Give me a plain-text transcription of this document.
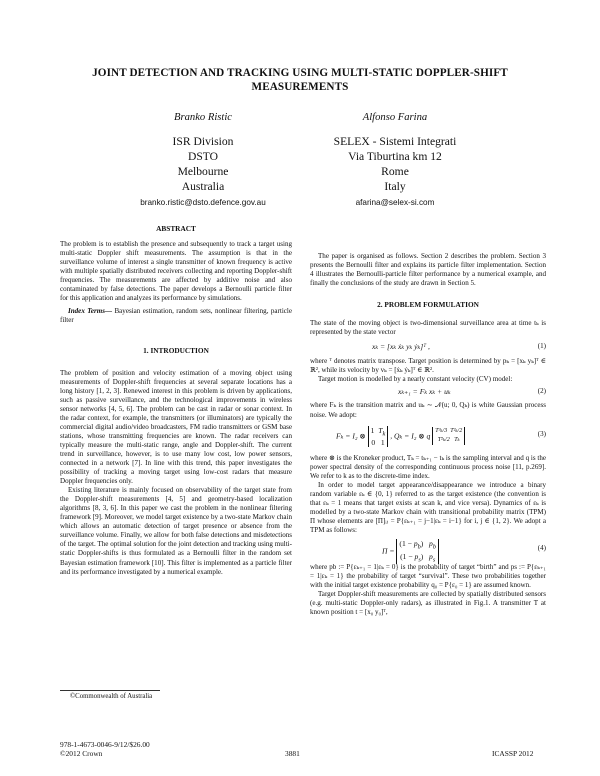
JOINT DETECTION AND TRACKING USING MULTI-STATIC DOPPLER-SHIFT MEASUREMENTS
Branko Ristic
ISR Division
DSTO
Melbourne
Australia
branko.ristic@dsto.defence.gov.au
Alfonso Farina
SELEX - Sistemi Integrati
Via Tiburtina km 12
Rome
Italy
afarina@selex-si.com

ABSTRACT

The problem is to establish the presence and subsequently to track a target using multi-static Doppler shift measurements. The assumption is that in the surveillance volume of interest a single transmitter of known frequency is active with multiple spatially distributed receivers collecting and reporting Doppler-shift frequencies. The measurements are affected by additive noise and also contaminated by false detections. The paper develops a Bernoulli particle filter for this application and analyzes its performance by simulations.

Index Terms— Bayesian estimation, random sets, nonlinear filtering, particle filter

1. INTRODUCTION

The problem of position and velocity estimation of a moving object using measurements of Doppler-shift frequencies at several separate locations has a long history [1, 2, 3]. Renewed interest in this problem is driven by applications, such as passive surveillance, and the technological improvements in wireless sensor networks [4, 5, 6]. The problem can be cast in radar or sonar context. In the radar context, for example, the transmitters (or illuminators) are typically the commercial digital audio/video broadcasters, FM radio transmitters or GSM base stations, whose transmitting frequencies are known. The radar receivers can typically measure the multi-static range, angle and Doppler-shift. The current trend in surveillance, however, is to use many low cost, low power sensors, connected in a network [7]. In line with this trend, this paper investigates the possibility of tracking a moving target using low-cost radars that measure Doppler frequencies only.

Existing literature is mainly focused on observability of the target state from the Doppler-shift measurements [4, 5] and geometry-based localization algorithms [8, 3, 6]. In this paper we cast the problem in the nonlinear filtering framework [9]. Moreover, we model target existence by a two-state Markov chain which allows an automatic detection of target presence or absence from the surveillance volume. Finally, we allow for both false detections and misdetections of the target. The optimal solution for the joint detection and tracking using multi-static Doppler-shifts is thus formulated as a Bernoulli filter in the random set Bayesian estimation framework [10]. This filter is implemented as a particle filter and its performance investigated by a numerical example.

©Commonwealth of Australia

The paper is organised as follows. Section 2 describes the problem. Section 3 presents the Bernoulli filter and explains its particle filter implementation. Section 4 illustrates the Bernoulli-particle filter performance by a numerical example, and finally the conclusions of the study are drawn in Section 5.

2. PROBLEM FORMULATION

The state of the moving object is two-dimensional surveillance area at time tₖ is represented by the state vector

xₖ = [xₖ ẋₖ yₖ ẏₖ]ᵀ ,	(1)

where ᵀ denotes matrix transpose. Target position is determined by pₖ = [xₖ yₖ]ᵀ ∈ ℝ², while its velocity by vₖ = [ẋₖ ẏₖ]ᵀ ∈ ℝ².

Target motion is modelled by a nearly constant velocity (CV) model:

xₖ₊₁ = Fₖ xₖ + uₖ	(2)

where Fₖ is the transition matrix and uₖ ∼ 𝒩(u; 0, Qₖ) is white Gaussian process noise. We adopt:

Fₖ = I₂ ⊗ 1  $T_k$
0   1 , Qₖ = I₂ ⊗ q T³ₖ/3 T²ₖ/2
T²ₖ/2 Tₖ
(3)

where ⊗ is the Kroneker product, Tₖ = tₖ₊₁ − tₖ is the sampling interval and q is the power spectral density of the corresponding continuous process noise [11, p.269]. We refer to k as to the discrete-time index.

In order to model target appearance/disappearance we introduce a binary random variable εₖ ∈ {0, 1} referred to as the target existence (the convention is that εₖ = 1 means that target exists at scan k, and vice versa). Dynamics of εₖ is modelled by a two-state Markov chain with transitional probability matrix (TPM) Π whose elements are [Π]ᵢⱼ = P{εₖ₊₁ = j−1|εₖ = i−1} for i, j ∈ {1, 2}. We adopt a TPM as follows:

$\Pi = (1 - p_b)$   $p_b$
$(1 - p_s)$   $p_s$
(4)

where pb := P{εₖ₊₁ = 1|εₖ = 0} is the probability of target “birth” and ps := P{εₖ₊₁ = 1|εₖ = 1} the probability of target “survival”. These two probabilities together with the initial target existence probability q₀ = P{ε₀ = 1} are assumed known.

Target Doppler-shift measurements are collected by spatially distributed sensors (e.g. multi-static Doppler-only radars), as illustrated in Fig.1. A transmitter T at known position t = [x₀ y₀]ᵀ,

978-1-4673-0046-9/12/$26.00
©2012 Crown	3881	ICASSP 2012
